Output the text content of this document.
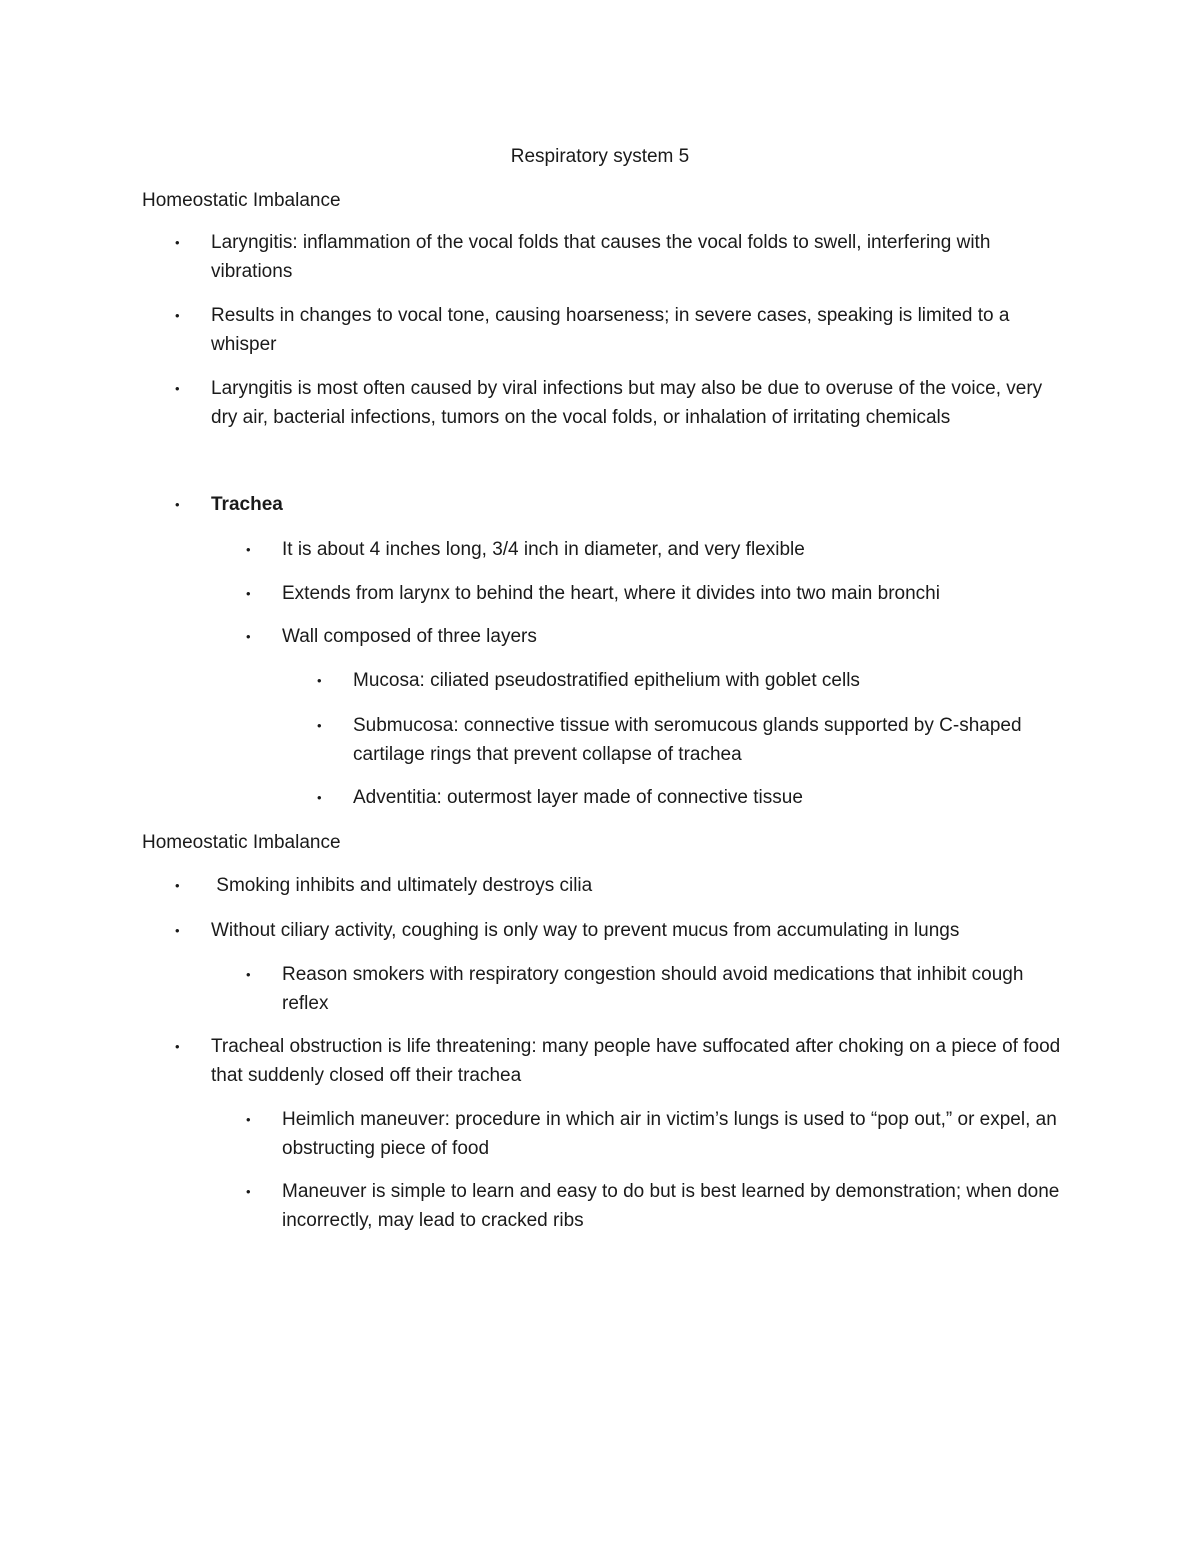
Respiratory system 5
Homeostatic Imbalance
• Laryngitis: inflammation of the vocal folds that causes the vocal folds to swell, interfering with vibrations
• Results in changes to vocal tone, causing hoarseness; in severe cases, speaking is limited to a whisper
• Laryngitis is most often caused by viral infections but may also be due to overuse of the voice, very dry air, bacterial infections, tumors on the vocal folds, or inhalation of irritating chemicals
• Trachea
• It is about 4 inches long, 3/4 inch in diameter, and very flexible
• Extends from larynx to behind the heart, where it divides into two main bronchi
• Wall composed of three layers
• Mucosa: ciliated pseudostratified epithelium with goblet cells
• Submucosa: connective tissue with seromucous glands supported by C-shaped cartilage rings that prevent collapse of trachea
• Adventitia: outermost layer made of connective tissue
Homeostatic Imbalance
• Smoking inhibits and ultimately destroys cilia
• Without ciliary activity, coughing is only way to prevent mucus from accumulating in lungs
• Reason smokers with respiratory congestion should avoid medications that inhibit cough reflex
• Tracheal obstruction is life threatening: many people have suffocated after choking on a piece of food that suddenly closed off their trachea
• Heimlich maneuver: procedure in which air in victim’s lungs is used to “pop out,” or expel, an obstructing piece of food
• Maneuver is simple to learn and easy to do but is best learned by demonstration; when done incorrectly, may lead to cracked ribs
